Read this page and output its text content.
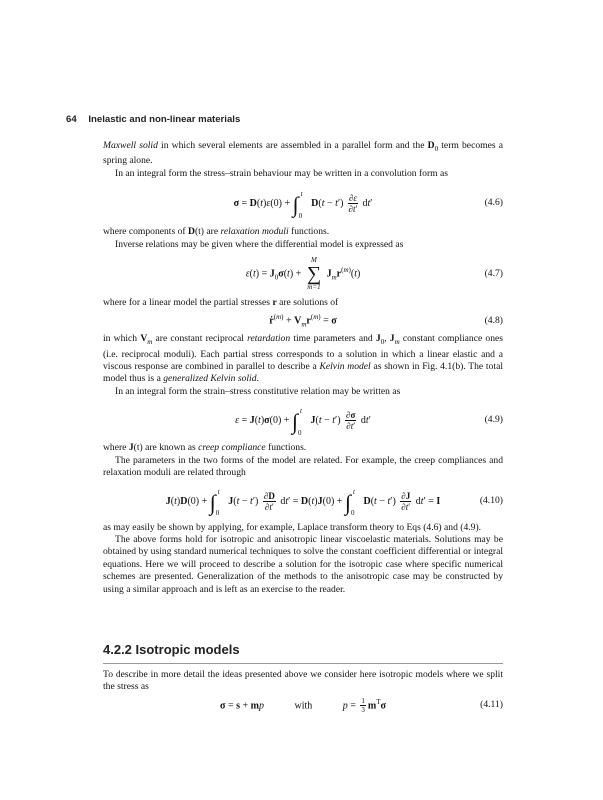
64 Inelastic and non-linear materials

Maxwell solid in which several elements are assembled in a parallel form and the $D_0$ term becomes a spring alone.

In an integral form the stress–strain behaviour may be written in a convolution form as

σ = D(t)ε(0) + ∫ t
0
$D(t - t') \frac{\partial\varepsilon}{\partial t'} dt'$	(4.6)

where components of D(t) are relaxation moduli functions.

Inverse relations may be given where the differential model is expressed as

$\varepsilon(t) = J_0\sigma(t)$ +
M
∑
m=1
$J_mr^{(m)}(t)$	(4.7)

where for a linear model the partial stresses r are solutions of

ṙ$^{(m)}$ + $V_mr^{(m)} = \sigma$	(4.8)

in which $V_m$ are constant reciprocal retardation time parameters and $J_0$, $J_m$ constant compliance ones (i.e. reciprocal moduli). Each partial stress corresponds to a solution in which a linear elastic and a viscous response are combined in parallel to describe a Kelvin model as shown in Fig. 4.1(b). The total model thus is a generalized Kelvin solid.

In an integral form the strain–stress constitutive relation may be written as

ε = J(t)σ(0) + ∫ t
0
$J(t - t') \frac{\partial\sigma}{\partial t'} dt'$	(4.9)

where J(t) are known as creep compliance functions.

The parameters in the two forms of the model are related. For example, the creep compliances and relaxation moduli are related through

J(t)D(0) + ∫ t
0
$J(t - t') \frac{\partial D}{\partial t'} dt' = D(t)J(0)$ + ∫ t
0
$D(t - t') \frac{\partial J}{\partial t'} dt' = I$	(4.10)

as may easily be shown by applying, for example, Laplace transform theory to Eqs (4.6) and (4.9).

The above forms hold for isotropic and anisotropic linear viscoelastic materials. Solutions may be obtained by using standard numerical techniques to solve the constant coefficient differential or integral equations. Here we will proceed to describe a solution for the isotropic case where specific numerical schemes are presented. Generalization of the methods to the anisotropic case may be constructed by using a similar approach and is left as an exercise to the reader.

4.2.2 Isotropic models

To describe in more detail the ideas presented above we consider here isotropic models where we split the stress as

σ = s + mp	with	$p = \frac{1}{3} m^T\sigma$	(4.11)
